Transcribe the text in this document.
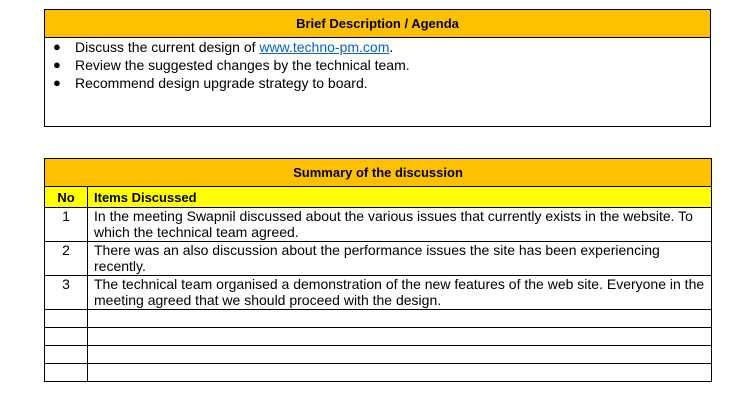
Brief Description / Agenda

● Discuss the current design of www.techno-pm.com.
● Review the suggested changes by the technical team.
● Recommend design upgrade strategy to board.
Summary of the discussion	
No	Items Discussed
1	In the meeting Swapnil discussed about the various issues that currently exists in the website. To which the technical team agreed.
2	There was an also discussion about the performance issues the site has been experiencing recently.
3	The technical team organised a demonstration of the new features of the web site. Everyone in the meeting agreed that we should proceed with the design.
